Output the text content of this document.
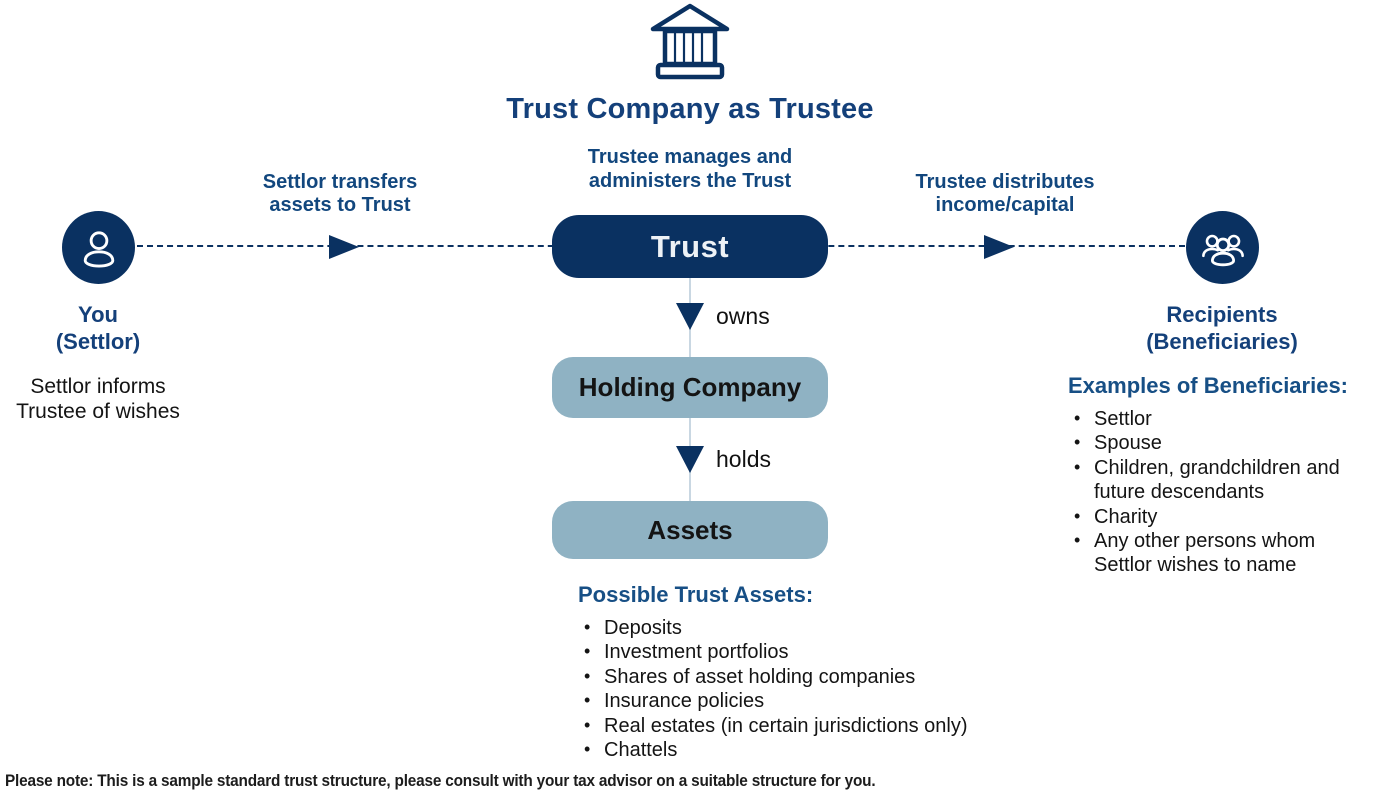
Trust Company as Trustee
Trustee manages and
administers the Trust
Settlor transfers
assets to Trust
Trustee distributes
income/capital
You
(Settlor)
Recipients
(Beneficiaries)
Settlor informs
Trustee of wishes
Trust
owns
Holding Company
holds
Assets
Possible Trust Assets:
• Deposits
• Investment portfolios
• Shares of asset holding companies
• Insurance policies
• Real estates (in certain jurisdictions only)
• Chattels
Examples of Beneficiaries:
• Settlor
• Spouse
• Children, grandchildren and future descendants
• Charity
• Any other persons whom Settlor wishes to name
Please note: This is a sample standard trust structure, please consult with your tax advisor on a suitable structure for you.
